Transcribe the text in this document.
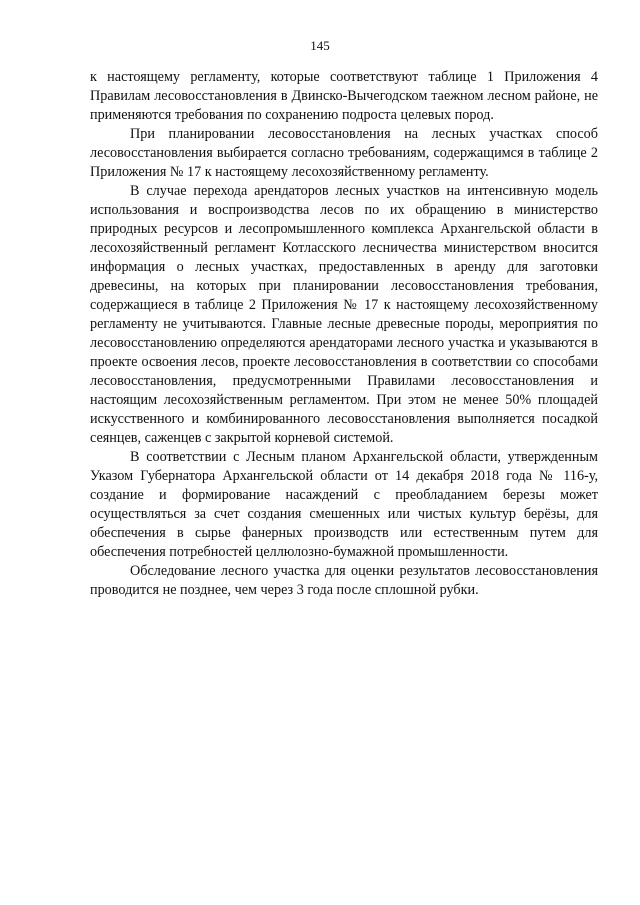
145

к настоящему регламенту, которые соответствуют таблице 1 Приложения 4 Правилам лесовосстановления в Двинско-Вычегодском таежном лесном районе, не применяются требования по сохранению подроста целевых пород.

При планировании лесовосстановления на лесных участках способ лесовосстановления выбирается согласно требованиям, содержащимся в таблице 2 Приложения № 17 к настоящему лесохозяйственному регламенту.

В случае перехода арендаторов лесных участков на интенсивную модель использования и воспроизводства лесов по их обращению в министерство природных ресурсов и лесопромышленного комплекса Архангельской области в лесохозяйственный регламент Котласского лесничества министерством вносится информация о лесных участках, предоставленных в аренду для заготовки древесины, на которых при планировании лесовосстановления требования, содержащиеся в таблице 2 Приложения № 17 к настоящему лесохозяйственному регламенту не учитываются. Главные лесные древесные породы, мероприятия по лесовосстановлению определяются арендаторами лесного участка и указываются в проекте освоения лесов, проекте лесовосстановления в соответствии со способами лесовосстановления, предусмотренными Правилами лесовосстановления и настоящим лесохозяйственным регламентом. При этом не менее 50% площадей искусственного и комбинированного лесовосстановления выполняется посадкой сеянцев, саженцев с закрытой корневой системой.

В соответствии с Лесным планом Архангельской области, утвержденным Указом Губернатора Архангельской области от 14 декабря 2018 года № 116-у, создание и формирование насаждений с преобладанием березы может осуществляться за счет создания смешенных или чистых культур берёзы, для обеспечения в сырье фанерных производств или естественным путем для обеспечения потребностей целлюлозно-бумажной промышленности.

Обследование лесного участка для оценки результатов лесовосстановления проводится не позднее, чем через 3 года после сплошной рубки.
